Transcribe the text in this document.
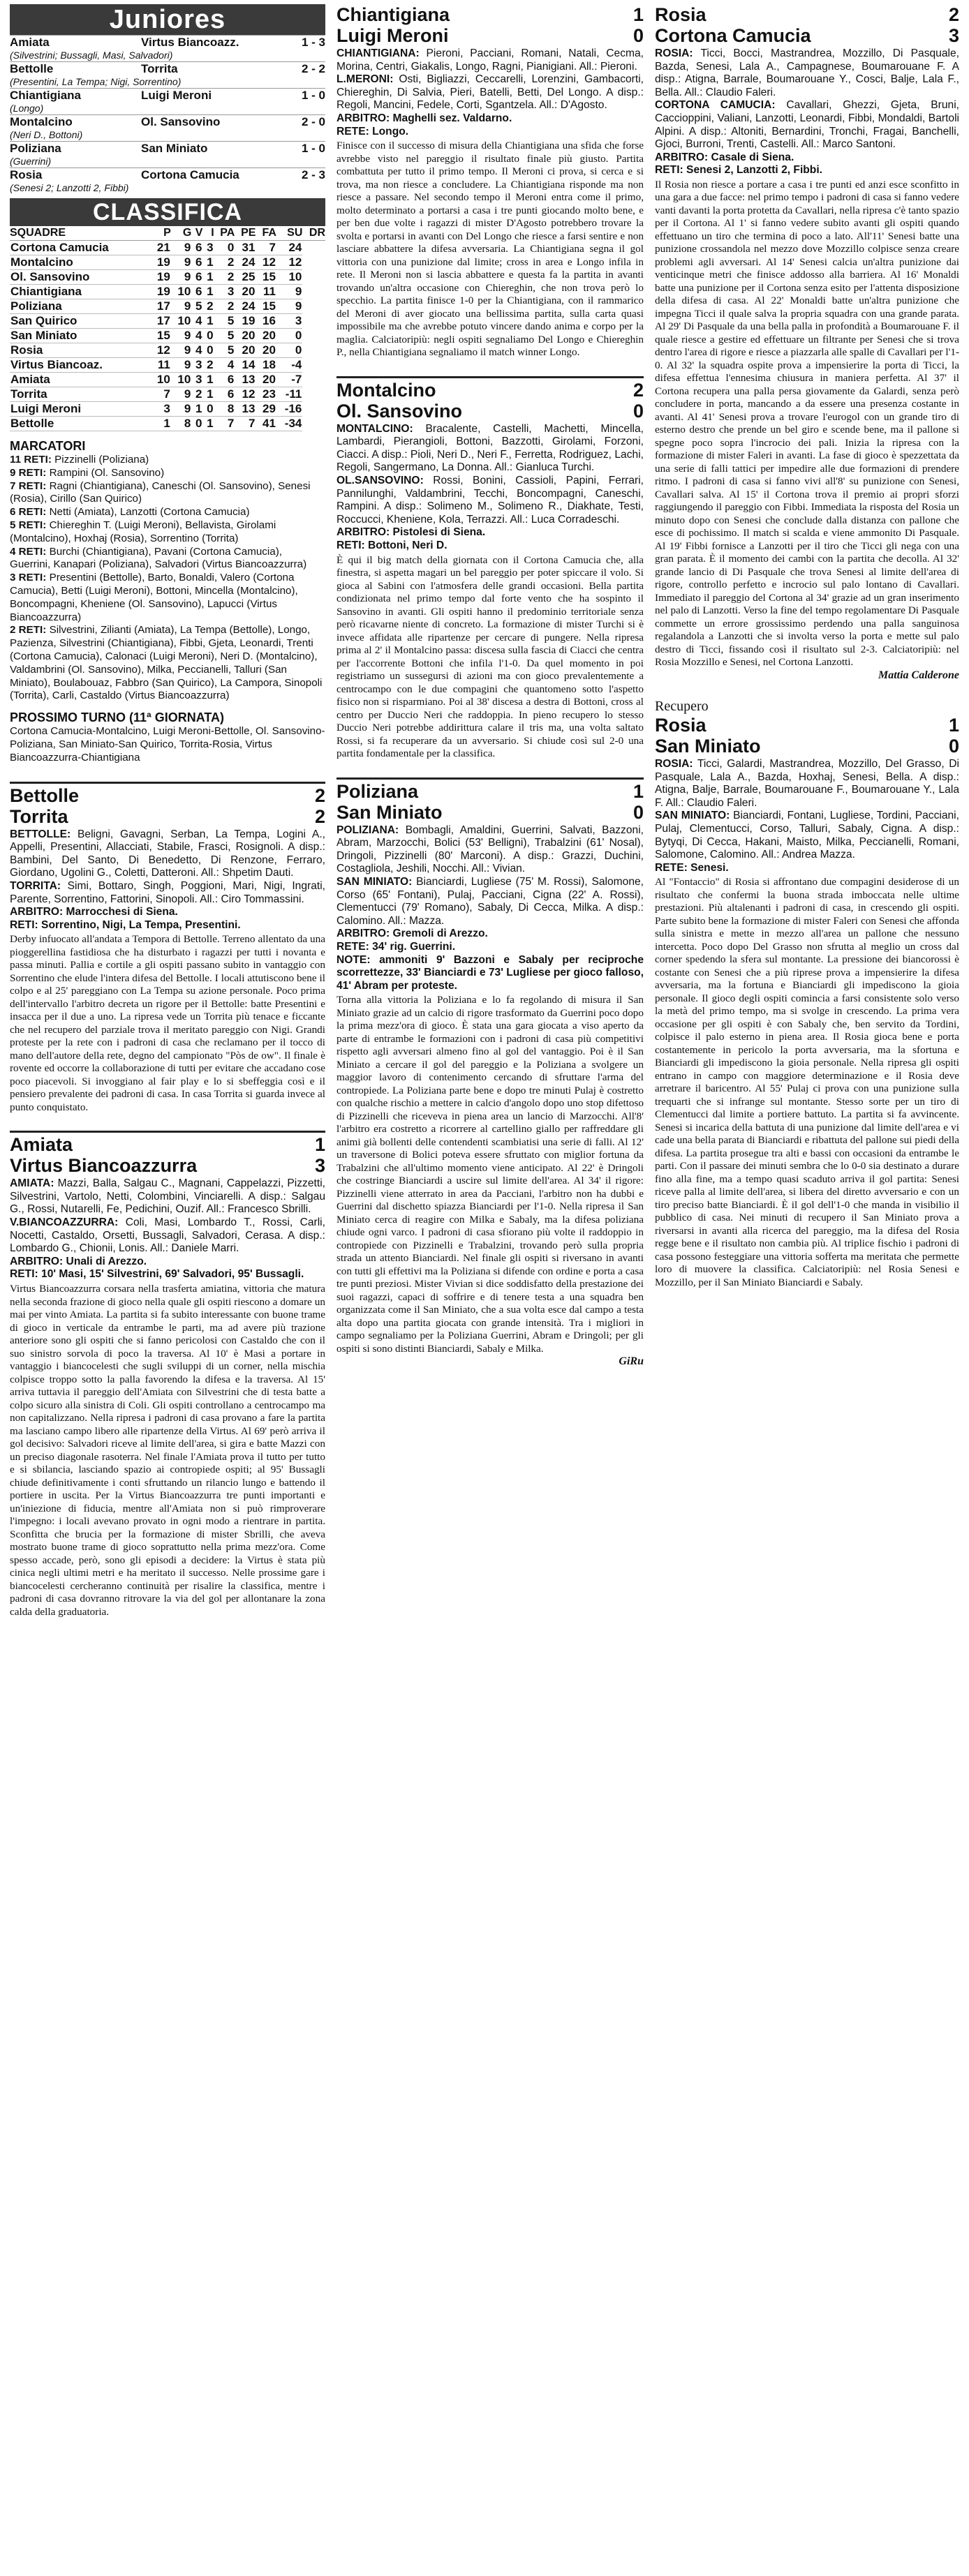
Juniores
Amiata	Virtus Biancoazz.	1 - 3
(Silvestrini; Bussagli, Masi, Salvadori)
Bettolle	Torrita	2 - 2
(Presentini, La Tempa; Nigi, Sorrentino)
Chiantigiana	Luigi Meroni	1 - 0
(Longo)
Montalcino	Ol. Sansovino	2 - 0
(Neri D., Bottoni)
Poliziana	San Miniato	1 - 0
(Guerrini)
Rosia	Cortona Camucia	2 - 3
(Senesi 2; Lanzotti 2, Fibbi)
CLASSIFICA
SQUADRE	P	G	V	I	PA	PE	FA	SU	DR
Cortona Camucia	21	9	6	3	0	31	7	24	
Montalcino	19	9	6	1	2	24	12	12	
Ol. Sansovino	19	9	6	1	2	25	15	10	
Chiantigiana	19	10	6	1	3	20	11	9	
Poliziana	17	9	5	2	2	24	15	9	
San Quirico	17	10	4	1	5	19	16	3	
San Miniato	15	9	4	0	5	20	20	0	
Rosia	12	9	4	0	5	20	20	0	
Virtus Biancoaz.	11	9	3	2	4	14	18	-4	
Amiata	10	10	3	1	6	13	20	-7	
Torrita	7	9	2	1	6	12	23	-11	
Luigi Meroni	3	9	1	0	8	13	29	-16	
Bettolle	1	8	0	1	7	7	41	-34	
MARCATORI
11 RETI: Pizzinelli (Poliziana)
9 RETI: Rampini (Ol. Sansovino)
7 RETI: Ragni (Chiantigiana), Caneschi (Ol. Sansovino), Senesi (Rosia), Cirillo (San Quirico)
6 RETI: Netti (Amiata), Lanzotti (Cortona Camucia)
5 RETI: Chiereghin T. (Luigi Meroni), Bellavista, Girolami (Montalcino), Hoxhaj (Rosia), Sorrentino (Torrita)
4 RETI: Burchi (Chiantigiana), Pavani (Cortona Camucia), Guerrini, Kanapari (Poliziana), Salvadori (Virtus Biancoazzurra)
3 RETI: Presentini (Bettolle), Barto, Bonaldi, Valero (Cortona Camucia), Betti (Luigi Meroni), Bottoni, Mincella (Montalcino), Boncompagni, Kheniene (Ol. Sansovino), Lapucci (Virtus Biancoazzurra)
2 RETI: Silvestrini, Zilianti (Amiata), La Tempa (Bettolle), Longo, Pazienza, Silvestrini (Chiantigiana), Fibbi, Gjeta, Leonardi, Trenti (Cortona Camucia), Calonaci (Luigi Meroni), Neri D. (Montalcino), Valdambrini (Ol. Sansovino), Milka, Peccianelli, Talluri (San Miniato), Boulabouaz, Fabbro (San Quirico), La Campora, Sinopoli (Torrita), Carli, Castaldo (Virtus Biancoazzurra)
PROSSIMO TURNO (11ª GIORNATA)
Cortona Camucia-Montalcino, Luigi Meroni-Bettolle, Ol. Sansovino-Poliziana, San Miniato-San Quirico, Torrita-Rosia, Virtus Biancoazzurra-Chiantigiana
Bettolle	2
Torrita	2
BETTOLLE: Beligni, Gavagni, Serban, La Tempa, Logini A., Appelli, Presentini, Allacciati, Stabile, Frasci, Rosignoli. A disp.: Bambini, Del Santo, Di Benedetto, Di Renzone, Ferraro, Giordano, Ugolini G., Coletti, Datteroni. All.: Shpetim Dauti.
TORRITA: Simi, Bottaro, Singh, Poggioni, Mari, Nigi, Ingrati, Parente, Sorrentino, Fattorini, Sinopoli. All.: Ciro Tommassini.
ARBITRO: Marrocchesi di Siena.
RETI: Sorrentino, Nigi, La Tempa, Presentini.
Derby infuocato all'andata a Tempora di Bettolle. Terreno allentato da una pioggerellina fastidiosa che ha disturbato i ragazzi per tutti i novanta e passa minuti. Pallia e cortile a gli ospiti passano subito in vantaggio con Sorrentino che elude l'intera difesa del Bettolle. I locali attutiscono bene il colpo e al 25' pareggiano con La Tempa su azione personale. Poco prima dell'intervallo l'arbitro decreta un rigore per il Bettolle: batte Presentini e insacca per il due a uno. La ripresa vede un Torrita più tenace e ficcante che nel recupero del parziale trova il meritato pareggio con Nigi. Grandi proteste per la rete con i padroni di casa che reclamano per il tocco di mano dell'autore della rete, degno del campionato "Pòs de ow". Il finale è rovente ed occorre la collaborazione di tutti per evitare che accadano cose poco piacevoli. Si invoggiano al fair play e lo si sbeffeggia così e il pensiero prevalente dei padroni di casa. In casa Torrita si guarda invece al punto conquistato.
Amiata	1
Virtus Biancoazzurra	3
AMIATA: Mazzi, Balla, Salgau C., Magnani, Cappelazzi, Pizzetti, Silvestrini, Vartolo, Netti, Colombini, Vinciarelli. A disp.: Salgau G., Rossi, Nutarelli, Fe, Pedichini, Ouzif. All.: Francesco Sbrilli.
V.BIANCOAZZURRA: Coli, Masi, Lombardo T., Rossi, Carli, Nocetti, Castaldo, Orsetti, Bussagli, Salvadori, Cerasa. A disp.: Lombardo G., Chionii, Lonis. All.: Daniele Marri.
ARBITRO: Unali di Arezzo.
RETI: 10' Masi, 15' Silvestrini, 69' Salvadori, 95' Bussagli.
Virtus Biancoazzurra corsara nella trasferta amiatina, vittoria che matura nella seconda frazione di gioco nella quale gli ospiti riescono a domare un mai per vinto Amiata. La partita si fa subito interessante con buone trame di gioco in verticale da entrambe le parti, ma ad avere più trazione anteriore sono gli ospiti che si fanno pericolosi con Castaldo che con il suo sinistro sorvola di poco la traversa. Al 10' è Masi a portare in vantaggio i biancocelesti che sugli sviluppi di un corner, nella mischia colpisce troppo sotto la palla favorendo la difesa e la traversa. Al 15' arriva tuttavia il pareggio dell'Amiata con Silvestrini che di testa batte a colpo sicuro alla sinistra di Coli. Gli ospiti controllano a centrocampo ma non capitalizzano. Nella ripresa i padroni di casa provano a fare la partita ma lasciano campo libero alle ripartenze della Virtus. Al 69' però arriva il gol decisivo: Salvadori riceve al limite dell'area, si gira e batte Mazzi con un preciso diagonale rasoterra. Nel finale l'Amiata prova il tutto per tutto e si sbilancia, lasciando spazio ai contropiede ospiti; al 95' Bussagli chiude definitivamente i conti sfruttando un rilancio lungo e battendo il portiere in uscita. Per la Virtus Biancoazzurra tre punti importanti e un'iniezione di fiducia, mentre all'Amiata non si può rimproverare l'impegno: i locali avevano provato in ogni modo a rientrare in partita. Sconfitta che brucia per la formazione di mister Sbrilli, che aveva mostrato buone trame di gioco soprattutto nella prima mezz'ora. Come spesso accade, però, sono gli episodi a decidere: la Virtus è stata più cinica negli ultimi metri e ha meritato il successo. Nelle prossime gare i biancocelesti cercheranno continuità per risalire la classifica, mentre i padroni di casa dovranno ritrovare la via del gol per allontanare la zona calda della graduatoria.
Chiantigiana	1
Luigi Meroni	0
CHIANTIGIANA: Pieroni, Pacciani, Romani, Natali, Cecma, Morina, Centri, Giakalis, Longo, Ragni, Pianigiani. All.: Pieroni.
L.MERONI: Osti, Bigliazzi, Ceccarelli, Lorenzini, Gambacorti, Chiereghin, Di Salvia, Pieri, Batelli, Betti, Del Longo. A disp.: Regoli, Mancini, Fedele, Corti, Sgantzela. All.: D'Agosto.
ARBITRO: Maghelli sez. Valdarno.
RETE: Longo.
Finisce con il successo di misura della Chiantigiana una sfida che forse avrebbe visto nel pareggio il risultato finale più giusto. Partita combattuta per tutto il primo tempo. Il Meroni ci prova, si cerca e si trova, ma non riesce a concludere. La Chiantigiana risponde ma non riesce a passare. Nel secondo tempo il Meroni entra come il primo, molto determinato a portarsi a casa i tre punti giocando molto bene, e per ben due volte i ragazzi di mister D'Agosto potrebbero trovare la svolta e portarsi in avanti con Del Longo che riesce a farsi sentire e non lasciare abbattere la difesa avversaria. La Chiantigiana segna il gol vittoria con una punizione dal limite; cross in area e Longo infila in rete. Il Meroni non si lascia abbattere e questa fa la partita in avanti trovando un'altra occasione con Chiereghin, che non trova però lo specchio. La partita finisce 1-0 per la Chiantigiana, con il rammarico del Meroni di aver giocato una bellissima partita, sulla carta quasi impossibile ma che avrebbe potuto vincere dando anima e corpo per la maglia. Calciatoripiù: negli ospiti segnaliamo Del Longo e Chiereghin P., nella Chiantigiana segnaliamo il match winner Longo.
Montalcino	2
Ol. Sansovino	0
MONTALCINO: Bracalente, Castelli, Machetti, Mincella, Lambardi, Pierangioli, Bottoni, Bazzotti, Girolami, Forzoni, Ciacci. A disp.: Pioli, Neri D., Neri F., Ferretta, Rodriguez, Lachi, Regoli, Sangermano, La Donna. All.: Gianluca Turchi.
OL.SANSOVINO: Rossi, Bonini, Cassioli, Papini, Ferrari, Pannilunghi, Valdambrini, Tecchi, Boncompagni, Caneschi, Rampini. A disp.: Solimeno M., Solimeno R., Diakhate, Testi, Roccucci, Kheniene, Kola, Terrazzi. All.: Luca Corradeschi.
ARBITRO: Pistolesi di Siena.
RETI: Bottoni, Neri D.
È qui il big match della giornata con il Cortona Camucia che, alla finestra, si aspetta magari un bel pareggio per poter spiccare il volo. Si gioca al Sabini con l'atmosfera delle grandi occasioni. Bella partita condizionata nel primo tempo dal forte vento che ha sospinto il Sansovino in avanti. Gli ospiti hanno il predominio territoriale senza però ricavarne niente di concreto. La formazione di mister Turchi si è invece affidata alle ripartenze per cercare di pungere. Nella ripresa prima al 2' il Montalcino passa: discesa sulla fascia di Ciacci che centra per l'accorrente Bottoni che infila l'1-0. Da quel momento in poi registriamo un sussegursi di azioni ma con gioco prevalentemente a centrocampo con le due compagini che quantomeno sotto l'aspetto fisico non si risparmiano. Poi al 38' discesa a destra di Bottoni, cross al centro per Duccio Neri che raddoppia. In pieno recupero lo stesso Duccio Neri potrebbe addirittura calare il tris ma, una volta saltato Rossi, si fa recuperare da un avversario. Si chiude così sul 2-0 una partita fondamentale per la classifica.
Poliziana	1
San Miniato	0
POLIZIANA: Bombagli, Amaldini, Guerrini, Salvati, Bazzoni, Abram, Marzocchi, Bolici (53' Belligni), Trabalzini (61' Nosal), Dringoli, Pizzinelli (80' Marconi). A disp.: Grazzi, Duchini, Costagliola, Jeshili, Nocchi. All.: Vivian.
SAN MINIATO: Bianciardi, Lugliese (75' M. Rossi), Salomone, Corso (65' Fontani), Pulaj, Pacciani, Cigna (22' A. Rossi), Clementucci (79' Romano), Sabaly, Di Cecca, Milka. A disp.: Calomino. All.: Mazza.
ARBITRO: Gremoli di Arezzo.
RETE: 34' rig. Guerrini.
NOTE: ammoniti 9' Bazzoni e Sabaly per reciproche scorrettezze, 33' Bianciardi e 73' Lugliese per gioco falloso, 41' Abram per proteste.
Torna alla vittoria la Poliziana e lo fa regolando di misura il San Miniato grazie ad un calcio di rigore trasformato da Guerrini poco dopo la prima mezz'ora di gioco. È stata una gara giocata a viso aperto da parte di entrambe le formazioni con i padroni di casa più competitivi rispetto agli avversari almeno fino al gol del vantaggio. Poi è il San Miniato a cercare il gol del pareggio e la Poliziana a svolgere un maggior lavoro di contenimento cercando di sfruttare l'arma del contropiede. La Poliziana parte bene e dopo tre minuti Pulaj è costretto con qualche rischio a mettere in calcio d'angolo dopo uno stop difettoso di Pizzinelli che riceveva in piena area un lancio di Marzocchi. All'8' l'arbitro era costretto a ricorrere al cartellino giallo per raffreddare gli animi già bollenti delle contendenti scambiatisi una serie di falli. Al 12' un traversone di Bolici poteva essere sfruttato con miglior fortuna da Trabalzini che all'ultimo momento viene anticipato. Al 22' è Dringoli che costringe Bianciardi a uscire sul limite dell'area. Al 34' il rigore: Pizzinelli viene atterrato in area da Pacciani, l'arbitro non ha dubbi e Guerrini dal dischetto spiazza Bianciardi per l'1-0. Nella ripresa il San Miniato cerca di reagire con Milka e Sabaly, ma la difesa poliziana chiude ogni varco. I padroni di casa sfiorano più volte il raddoppio in contropiede con Pizzinelli e Trabalzini, trovando però sulla propria strada un attento Bianciardi. Nel finale gli ospiti si riversano in avanti con tutti gli effettivi ma la Poliziana si difende con ordine e porta a casa tre punti preziosi. Mister Vivian si dice soddisfatto della prestazione dei suoi ragazzi, capaci di soffrire e di tenere testa a una squadra ben organizzata come il San Miniato, che a sua volta esce dal campo a testa alta dopo una partita giocata con grande intensità. Tra i migliori in campo segnaliamo per la Poliziana Guerrini, Abram e Dringoli; per gli ospiti si sono distinti Bianciardi, Sabaly e Milka.
GiRu
Rosia	2
Cortona Camucia	3
ROSIA: Ticci, Bocci, Mastrandrea, Mozzillo, Di Pasquale, Bazda, Senesi, Lala A., Campagnese, Boumarouane F. A disp.: Atigna, Barrale, Boumarouane Y., Cosci, Balje, Lala F., Bella. All.: Claudio Faleri.
CORTONA CAMUCIA: Cavallari, Ghezzi, Gjeta, Bruni, Caccioppini, Valiani, Lanzotti, Leonardi, Fibbi, Mondaldi, Bartoli Alpini. A disp.: Altoniti, Bernardini, Tronchi, Fragai, Banchelli, Gjoci, Burroni, Trenti, Castelli. All.: Marco Santoni.
ARBITRO: Casale di Siena.
RETI: Senesi 2, Lanzotti 2, Fibbi.
Il Rosia non riesce a portare a casa i tre punti ed anzi esce sconfitto in una gara a due facce: nel primo tempo i padroni di casa si fanno vedere vanti davanti la porta protetta da Cavallari, nella ripresa c'è tanto spazio per il Cortona. Al 1' si fanno vedere subito avanti gli ospiti quando effettuano un tiro che termina di poco a lato. All'11' Senesi batte una punizione crossandola nel mezzo dove Mozzillo colpisce senza creare problemi agli avversari. Al 14' Senesi calcia un'altra punizione dai venticinque metri che finisce addosso alla barriera. Al 16' Monaldi batte una punizione per il Cortona senza esito per l'attenta disposizione della difesa di casa. Al 22' Monaldi batte un'altra punizione che impegna Ticci il quale salva la propria squadra con una grande parata. Al 29' Di Pasquale da una bella palla in profondità a Boumarouane F. il quale riesce a gestire ed effettuare un filtrante per Senesi che si trova dentro l'area di rigore e riesce a piazzarla alle spalle di Cavallari per l'1-0. Al 32' la squadra ospite prova a impensierire la porta di Ticci, la difesa effettua l'ennesima chiusura in maniera perfetta. Al 37' il Cortona recupera una palla persa giovamente da Galardi, senza però concludere in porta, mancando a da essere una presenza costante in avanti. Al 41' Senesi prova a trovare l'eurogol con un grande tiro di esterno destro che prende un bel giro e scende bene, ma il pallone si spegne poco sopra l'incrocio dei pali. Inizia la ripresa con la formazione di mister Faleri in avanti. La fase di gioco è spezzettata da una serie di falli tattici per impedire alle due formazioni di prendere ritmo. I padroni di casa si fanno vivi all'8' su punizione con Senesi, Cavallari salva. Al 15' il Cortona trova il premio ai propri sforzi raggiungendo il pareggio con Fibbi. Immediata la risposta del Rosia un minuto dopo con Senesi che conclude dalla distanza con pallone che esce di pochissimo. Il match si scalda e viene ammonito Di Pasquale. Al 19' Fibbi fornisce a Lanzotti per il tiro che Ticci gli nega con una gran parata. È il momento dei cambi con la partita che decolla. Al 32' grande lancio di Di Pasquale che trova Senesi al limite dell'area di rigore, controllo perfetto e incrocio sul palo lontano di Cavallari. Immediato il pareggio del Cortona al 34' grazie ad un gran inserimento nel palo di Lanzotti. Verso la fine del tempo regolamentare Di Pasquale commette un errore grossissimo perdendo una palla sanguinosa regalandola a Lanzotti che si involta verso la porta e mette sul palo destro di Ticci, fissando così il risultato sul 2-3. Calciatoripiù: nel Rosia Mozzillo e Senesi, nel Cortona Lanzotti.
Mattia Calderone
Recupero
Rosia	1
San Miniato	0
ROSIA: Ticci, Galardi, Mastrandrea, Mozzillo, Del Grasso, Di Pasquale, Lala A., Bazda, Hoxhaj, Senesi, Bella. A disp.: Atigna, Balje, Barrale, Boumarouane F., Boumarouane Y., Lala F. All.: Claudio Faleri.
SAN MINIATO: Bianciardi, Fontani, Lugliese, Tordini, Pacciani, Pulaj, Clementucci, Corso, Talluri, Sabaly, Cigna. A disp.: Bytyqi, Di Cecca, Hakani, Maisto, Milka, Peccianelli, Romani, Salomone, Calomino. All.: Andrea Mazza.
RETE: Senesi.
Al "Fontaccio" di Rosia si affrontano due compagini desiderose di un risultato che confermi la buona strada imboccata nelle ultime prestazioni. Più altalenanti i padroni di casa, in crescendo gli ospiti. Parte subito bene la formazione di mister Faleri con Senesi che affonda sulla sinistra e mette in mezzo all'area un pallone che nessuno intercetta. Poco dopo Del Grasso non sfrutta al meglio un cross dal corner spedendo la sfera sul montante. La pressione dei biancorossi è costante con Senesi che a più riprese prova a impensierire la difesa avversaria, ma la fortuna e Bianciardi gli impediscono la gioia personale. Il gioco degli ospiti comincia a farsi consistente solo verso la metà del primo tempo, ma si svolge in crescendo. La prima vera occasione per gli ospiti è con Sabaly che, ben servito da Tordini, colpisce il palo esterno in piena area. Il Rosia gioca bene e porta costantemente in pericolo la porta avversaria, ma la sfortuna e Bianciardi gli impediscono la gioia personale. Nella ripresa gli ospiti entrano in campo con maggiore determinazione e il Rosia deve arretrare il baricentro. Al 55' Pulaj ci prova con una punizione sulla trequarti che si infrange sul montante. Stesso sorte per un tiro di Clementucci dal limite a portiere battuto. La partita si fa avvincente. Senesi si incarica della battuta di una punizione dal limite dell'area e vi cade una bella parata di Bianciardi e ribattuta del pallone sui piedi della difesa. La partita prosegue tra alti e bassi con occasioni da entrambe le parti. Con il passare dei minuti sembra che lo 0-0 sia destinato a durare fino alla fine, ma a tempo quasi scaduto arriva il gol partita: Senesi riceve palla al limite dell'area, si libera del diretto avversario e con un tiro preciso batte Bianciardi. È il gol dell'1-0 che manda in visibilio il pubblico di casa. Nei minuti di recupero il San Miniato prova a riversarsi in avanti alla ricerca del pareggio, ma la difesa del Rosia regge bene e il risultato non cambia più. Al triplice fischio i padroni di casa possono festeggiare una vittoria sofferta ma meritata che permette loro di muovere la classifica. Calciatoripiù: nel Rosia Senesi e Mozzillo, per il San Miniato Bianciardi e Sabaly.
